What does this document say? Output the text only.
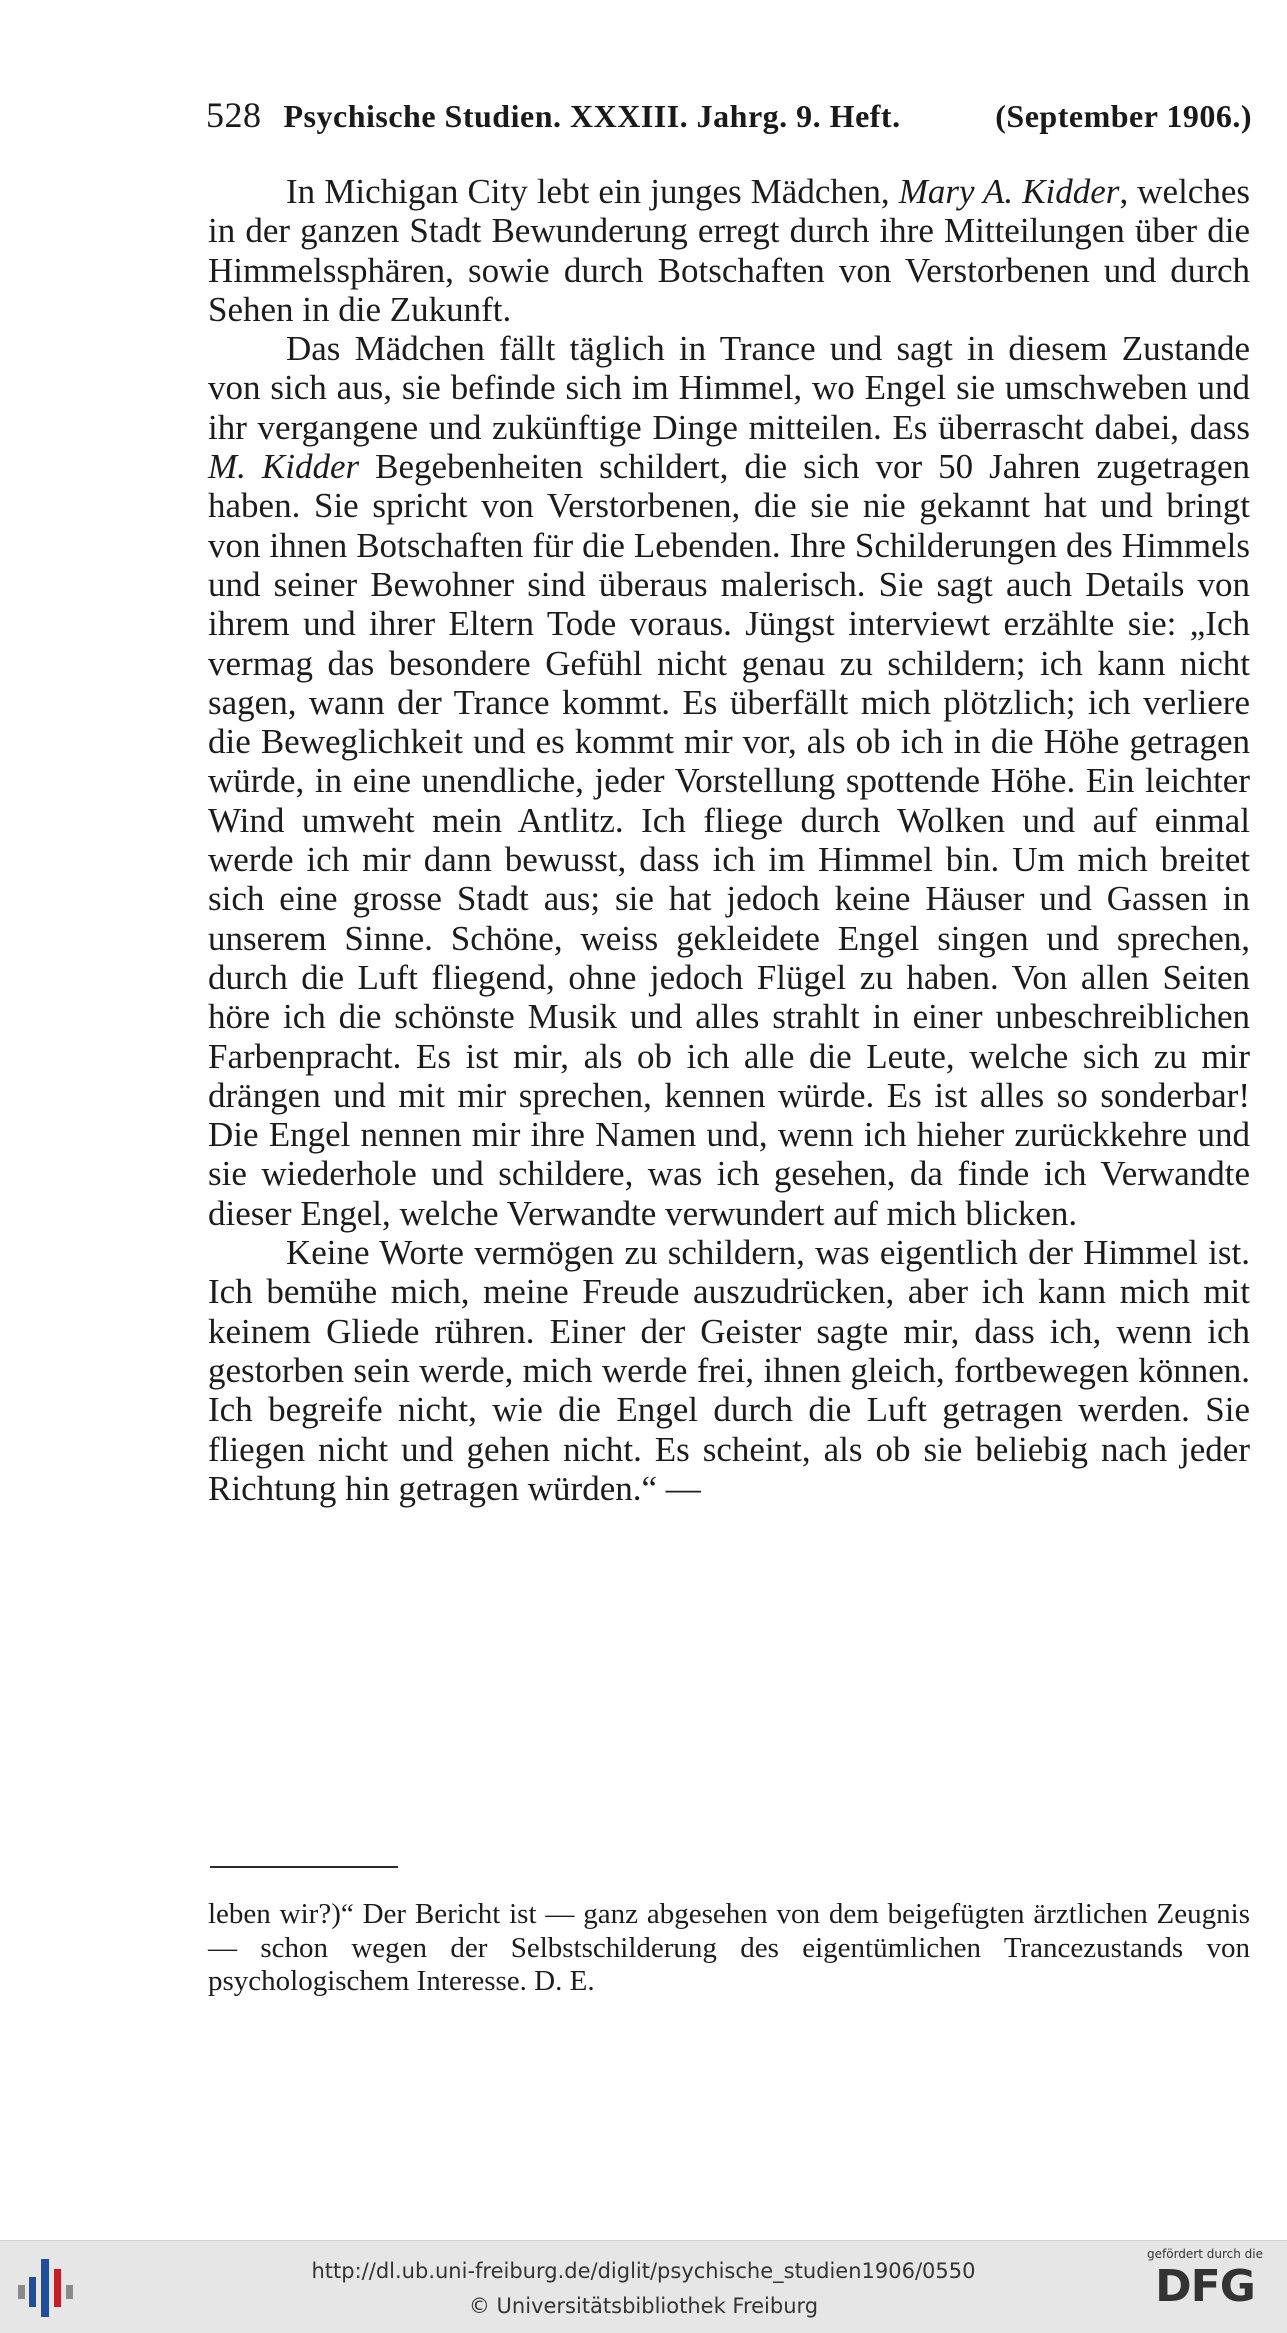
528 Psychische Studien. XXXIII. Jahrg. 9. Heft.	(September 1906.)

In Michigan City lebt ein junges Mädchen, Mary A. Kidder, welches in der ganzen Stadt Bewunderung erregt durch ihre Mitteilungen über die Himmelssphären, sowie durch Botschaften von Verstorbenen und durch Sehen in die Zukunft.

Das Mädchen fällt täglich in Trance und sagt in diesem Zustande von sich aus, sie befinde sich im Himmel, wo Engel sie umschweben und ihr vergangene und zukünftige Dinge mitteilen. Es überrascht dabei, dass M. Kidder Begebenheiten schildert, die sich vor 50 Jahren zugetragen haben. Sie spricht von Verstorbenen, die sie nie gekannt hat und bringt von ihnen Botschaften für die Lebenden. Ihre Schilderungen des Himmels und seiner Bewohner sind überaus malerisch. Sie sagt auch Details von ihrem und ihrer Eltern Tode voraus. Jüngst interviewt erzählte sie: „Ich vermag das besondere Gefühl nicht genau zu schildern; ich kann nicht sagen, wann der Trance kommt. Es überfällt mich plötzlich; ich verliere die Beweglichkeit und es kommt mir vor, als ob ich in die Höhe getragen würde, in eine unendliche, jeder Vorstellung spottende Höhe. Ein leichter Wind umweht mein Antlitz. Ich fliege durch Wolken und auf einmal werde ich mir dann bewusst, dass ich im Himmel bin. Um mich breitet sich eine grosse Stadt aus; sie hat jedoch keine Häuser und Gassen in unserem Sinne. Schöne, weiss gekleidete Engel singen und sprechen, durch die Luft fliegend, ohne jedoch Flügel zu haben. Von allen Seiten höre ich die schönste Musik und alles strahlt in einer unbeschreiblichen Farbenpracht. Es ist mir, als ob ich alle die Leute, welche sich zu mir drängen und mit mir sprechen, kennen würde. Es ist alles so sonderbar! Die Engel nennen mir ihre Namen und, wenn ich hieher zurückkehre und sie wiederhole und schildere, was ich gesehen, da finde ich Verwandte dieser Engel, welche Verwandte verwundert auf mich blicken.

Keine Worte vermögen zu schildern, was eigentlich der Himmel ist. Ich bemühe mich, meine Freude auszudrücken, aber ich kann mich mit keinem Gliede rühren. Einer der Geister sagte mir, dass ich, wenn ich gestorben sein werde, mich werde frei, ihnen gleich, fortbewegen können. Ich begreife nicht, wie die Engel durch die Luft getragen werden. Sie fliegen nicht und gehen nicht. Es scheint, als ob sie beliebig nach jeder Richtung hin getragen würden.“ —

leben wir?)“ Der Bericht ist — ganz abgesehen von dem beigefügten ärztlichen Zeugnis — schon wegen der Selbstschilderung des eigentümlichen Trancezustands von psychologischem Interesse. D. E.

http://dl.ub.uni-freiburg.de/diglit/psychische_studien1906/0550
© Universitätsbibliothek Freiburg
gefördert durch die
DFG
